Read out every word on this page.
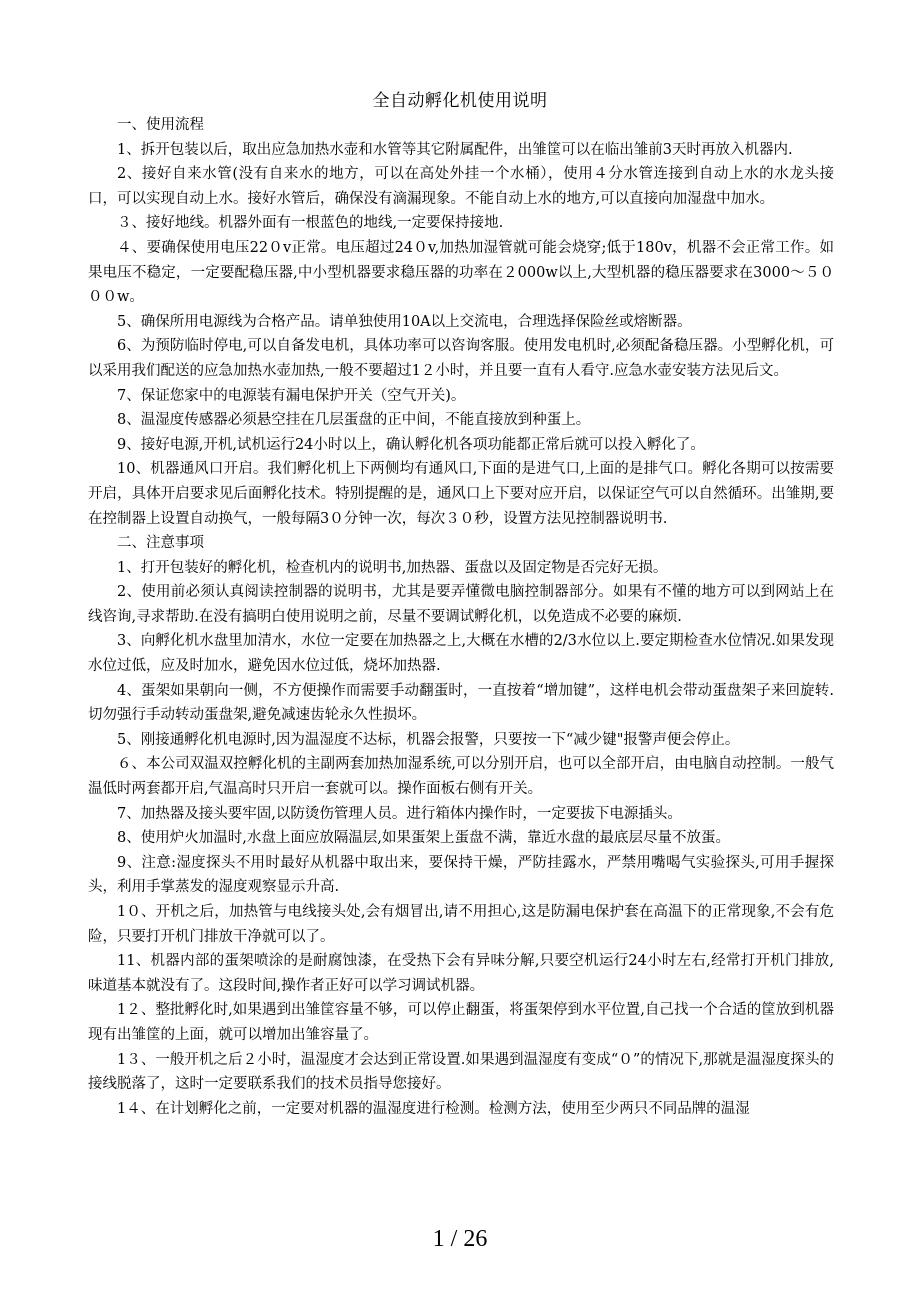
全自动孵化机使用说明

一、使用流程

1、拆开包装以后，取出应急加热水壶和水管等其它附属配件，出雏筐可以在临出雏前3天时再放入机器内.

2、接好自来水管(没有自来水的地方，可以在高处外挂一个水桶），使用４分水管连接到自动上水的水龙头接口，可以实现自动上水。接好水管后，确保没有滴漏现象。不能自动上水的地方,可以直接向加湿盘中加水。

３、接好地线。机器外面有一根蓝色的地线,一定要保持接地.

４、要确保使用电压22０v正常。电压超过24０v,加热加湿管就可能会烧穿;低于180v，机器不会正常工作。如果电压不稳定，一定要配稳压器,中小型机器要求稳压器的功率在２000w以上,大型机器的稳压器要求在3000～５０００w。

5、确保所用电源线为合格产品。请单独使用10A以上交流电，合理选择保险丝或熔断器。

6、为预防临时停电,可以自备发电机，具体功率可以咨询客服。使用发电机时,必须配备稳压器。小型孵化机，可以采用我们配送的应急加热水壶加热,一般不要超过1２小时，并且要一直有人看守.应急水壶安装方法见后文。

7、保证您家中的电源装有漏电保护开关（空气开关)。

8、温湿度传感器必须悬空挂在几层蛋盘的正中间，不能直接放到种蛋上。

9、接好电源,开机,试机运行24小时以上，确认孵化机各项功能都正常后就可以投入孵化了。

10、机器通风口开启。我们孵化机上下两侧均有通风口,下面的是进气口,上面的是排气口。孵化各期可以按需要开启，具体开启要求见后面孵化技术。特别提醒的是，通风口上下要对应开启，以保证空气可以自然循环。出雏期,要在控制器上设置自动换气，一般每隔3０分钟一次，每次３０秒，设置方法见控制器说明书.

二、注意事项

1、打开包装好的孵化机，检查机内的说明书,加热器、蛋盘以及固定物是否完好无损。

2、使用前必须认真阅读控制器的说明书，尤其是要弄懂微电脑控制器部分。如果有不懂的地方可以到网站上在线咨询,寻求帮助.在没有搞明白使用说明之前，尽量不要调试孵化机，以免造成不必要的麻烦.

3、向孵化机水盘里加清水，水位一定要在加热器之上,大概在水槽的2/3水位以上.要定期检查水位情况.如果发现水位过低，应及时加水，避免因水位过低，烧坏加热器.

4、蛋架如果朝向一侧，不方便操作而需要手动翻蛋时，一直按着“增加键”，这样电机会带动蛋盘架子来回旋转.切勿强行手动转动蛋盘架,避免减速齿轮永久性损坏。

5、刚接通孵化机电源时,因为温湿度不达标，机器会报警，只要按一下“减少键"报警声便会停止。

６、本公司双温双控孵化机的主副两套加热加湿系统,可以分别开启，也可以全部开启，由电脑自动控制。一般气温低时两套都开启,气温高时只开启一套就可以。操作面板右侧有开关。

7、加热器及接头要牢固,以防烫伤管理人员。进行箱体内操作时，一定要拔下电源插头。

8、使用炉火加温时,水盘上面应放隔温层,如果蛋架上蛋盘不满，靠近水盘的最底层尽量不放蛋。

9、注意:湿度探头不用时最好从机器中取出来，要保持干燥，严防挂露水，严禁用嘴喝气实验探头,可用手握探头，利用手掌蒸发的湿度观察显示升高.

1０、开机之后，加热管与电线接头处,会有烟冒出,请不用担心,这是防漏电保护套在高温下的正常现象,不会有危险，只要打开机门排放干净就可以了。

11、机器内部的蛋架喷涂的是耐腐蚀漆，在受热下会有异味分解,只要空机运行24小时左右,经常打开机门排放,味道基本就没有了。这段时间,操作者正好可以学习调试机器。

1２、整批孵化时,如果遇到出雏筐容量不够，可以停止翻蛋，将蛋架停到水平位置,自己找一个合适的筐放到机器现有出雏筐的上面，就可以增加出雏容量了。

1３、一般开机之后２小时，温湿度才会达到正常设置.如果遇到温湿度有变成“０”的情况下,那就是温湿度探头的接线脱落了，这时一定要联系我们的技术员指导您接好。

1４、在计划孵化之前，一定要对机器的温湿度进行检测。检测方法，使用至少两只不同品牌的温湿

1 / 26
